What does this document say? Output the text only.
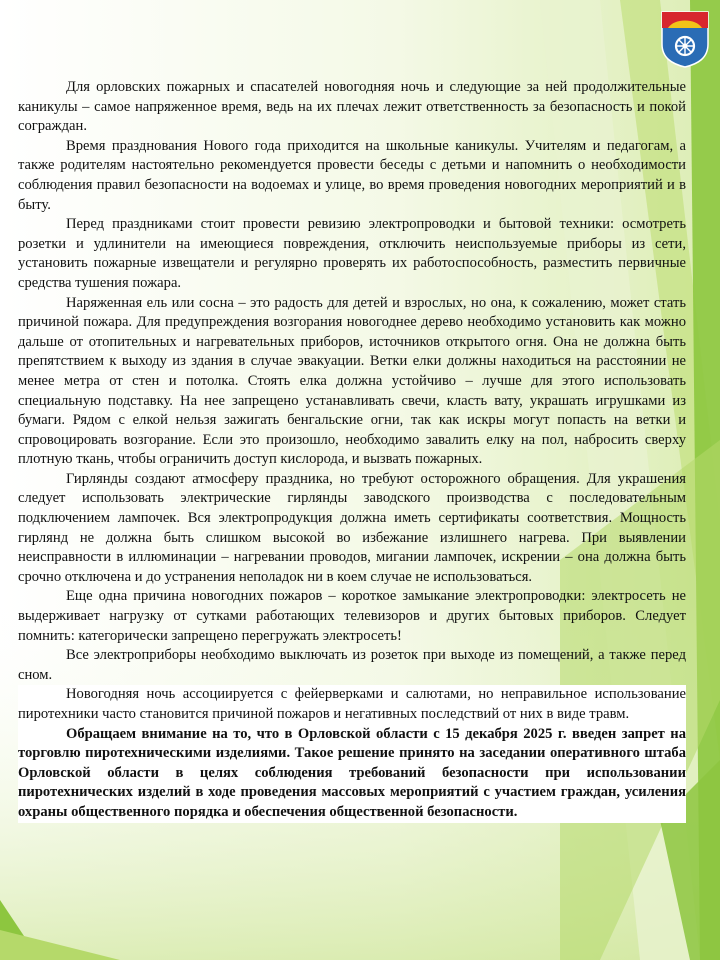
Для орловских пожарных и спасателей новогодняя ночь и следующие за ней продолжительные каникулы – самое напряженное время, ведь на их плечах лежит ответственность за безопасность и покой сограждан.

Время празднования Нового года приходится на школьные каникулы. Учителям и педагогам, а также родителям настоятельно рекомендуется провести беседы с детьми и напомнить о необходимости соблюдения правил безопасности на водоемах и улице, во время проведения новогодних мероприятий и в быту.

Перед праздниками стоит провести ревизию электропроводки и бытовой техники: осмотреть розетки и удлинители на имеющиеся повреждения, отключить неиспользуемые приборы из сети, установить пожарные извещатели и регулярно проверять их работоспособность, разместить первичные средства тушения пожара.

Наряженная ель или сосна – это радость для детей и взрослых, но она, к сожалению, может стать причиной пожара. Для предупреждения возгорания новогоднее дерево необходимо установить как можно дальше от отопительных и нагревательных приборов, источников открытого огня. Она не должна быть препятствием к выходу из здания в случае эвакуации. Ветки елки должны находиться на расстоянии не менее метра от стен и потолка. Стоять елка должна устойчиво – лучше для этого использовать специальную подставку. На нее запрещено устанавливать свечи, класть вату, украшать игрушками из бумаги. Рядом с елкой нельзя зажигать бенгальские огни, так как искры могут попасть на ветки и спровоцировать возгорание. Если это произошло, необходимо завалить елку на пол, набросить сверху плотную ткань, чтобы ограничить доступ кислорода, и вызвать пожарных.

Гирлянды создают атмосферу праздника, но требуют осторожного обращения. Для украшения следует использовать электрические гирлянды заводского производства с последовательным подключением лампочек. Вся электропродукция должна иметь сертификаты соответствия. Мощность гирлянд не должна быть слишком высокой во избежание излишнего нагрева. При выявлении неисправности в иллюминации – нагревании проводов, мигании лампочек, искрении – она должна быть срочно отключена и до устранения неполадок ни в коем случае не использоваться.

Еще одна причина новогодних пожаров – короткое замыкание электропроводки: электросеть не выдерживает нагрузку от сутками работающих телевизоров и других бытовых приборов. Следует помнить: категорически запрещено перегружать электросеть!

Все электроприборы необходимо выключать из розеток при выходе из помещений, а также перед сном.

Новогодняя ночь ассоциируется с фейерверками и салютами, но неправильное использование пиротехники часто становится причиной пожаров и негативных последствий от них в виде травм.

Обращаем внимание на то, что в Орловской области с 15 декабря 2025 г. введен запрет на торговлю пиротехническими изделиями. Такое решение принято на заседании оперативного штаба Орловской области в целях соблюдения требований безопасности при использовании пиротехнических изделий в ходе проведения массовых мероприятий с участием граждан, усиления охраны общественного порядка и обеспечения общественной безопасности.
